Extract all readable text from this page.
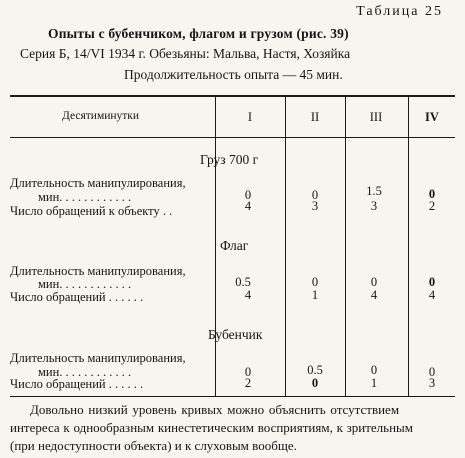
Таблица 25
Опыты с бубенчиком, флагом и грузом (рис. 39)
Серия Б, 14/VI 1934 г. Обезьяны: Мальва, Настя, Хозяйка
Продолжительность опыта — 45 мин.
Десятиминутки	I	II	III	IV
Груз 700 г
Длительность манипулирования,
мин. . . . . . . . . . . .	0	0	1.5	0
Число обращений к объекту . .	4	3	3	2
Флаг
Длительность манипулирования,
мин. . . . . . . . . . . .	0.5	0	0	0
Число обращений . . . . . .	4	1	4	4
Бубенчик
Длительность манипулирования,
мин. . . . . . . . . . . .	0	0.5	0	0
Число обращений . . . . . .	2	0	1	3
Довольно низкий уровень кривых можно объяснить отсутствием
интереса к однообразным кинестетическим восприятиям, к зрительным
(при недоступности объекта) и к слуховым вообще.
